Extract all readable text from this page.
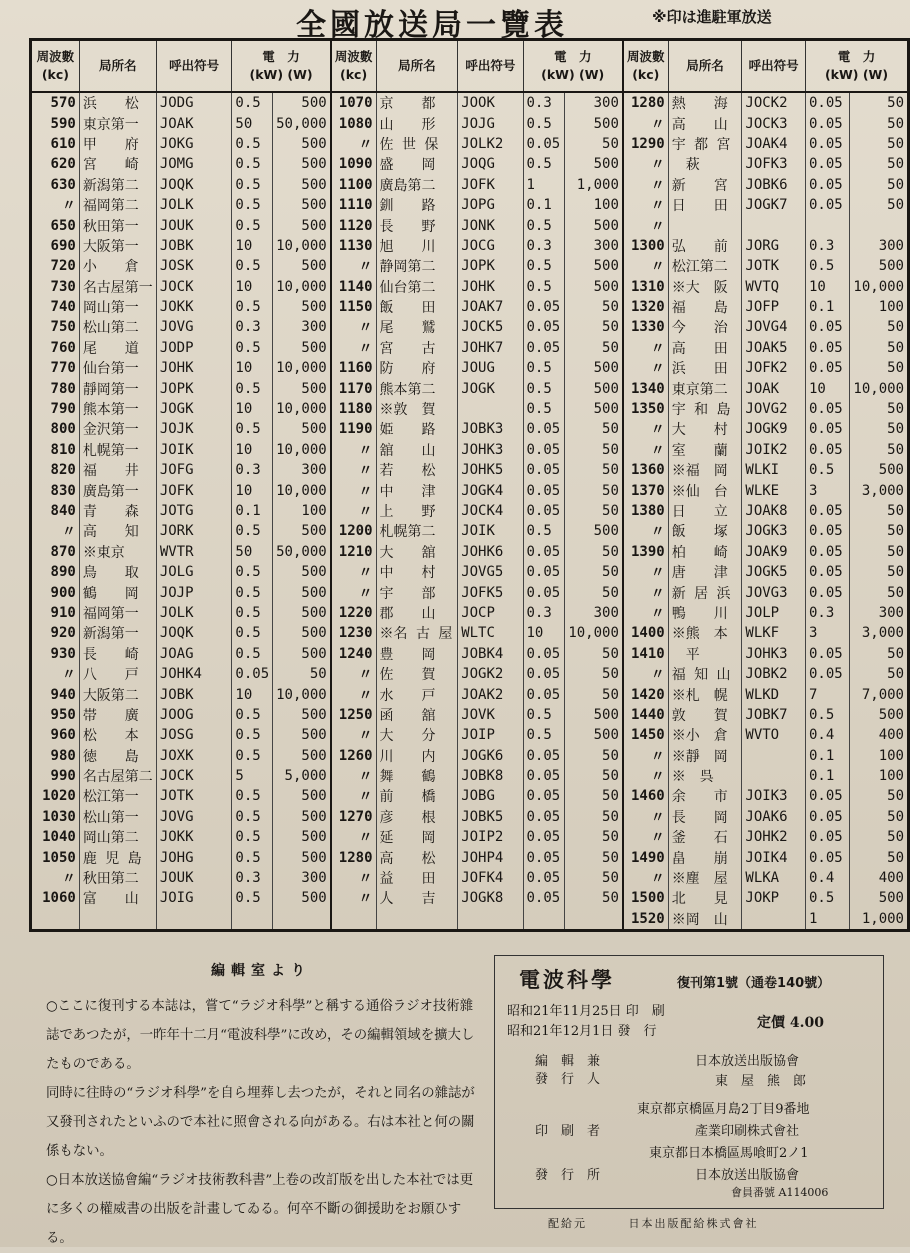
全國放送局一覽表	※印は進駐軍放送
周波數
(kc)	局所名	呼出符号	電　力
(kW) (W)		周波數
(kc)	局所名	呼出符号	電　力
(kW) (W)		周波數
(kc)	局所名	呼出符号	電　力
(kW) (W)	
570	浜　　松	JODG	0.5	500	1070	京　　都	JOOK	0.3	300	1280	熱　　海	JOCK2	0.05	50
590	東京第一	JOAK	50	50,000	1080	山　　形	JOJG	0.5	500	〃	高　　山	JOCK3	0.05	50
610	甲　　府	JOKG	0.5	500	〃	佐 世 保	JOLK2	0.05	50	1290	宇 都 宮	JOAK4	0.05	50
620	宮　　崎	JOMG	0.5	500	1090	盛　　岡	JOQG	0.5	500	〃	　萩	JOFK3	0.05	50
630	新潟第二	JOQK	0.5	500	1100	廣島第二	JOFK	1	1,000	〃	新　　宮	JOBK6	0.05	50
〃	福岡第二	JOLK	0.5	500	1110	釧　　路	JOPG	0.1	100	〃	日　　田	JOGK7	0.05	50
650	秋田第一	JOUK	0.5	500	1120	長　　野	JONK	0.5	500	〃	　			
690	大阪第一	JOBK	10	10,000	1130	旭　　川	JOCG	0.3	300	1300	弘　　前	JORG	0.3	300
720	小　　倉	JOSK	0.5	500	〃	静岡第二	JOPK	0.5	500	〃	松江第二	JOTK	0.5	500
730	名古屋第一	JOCK	10	10,000	1140	仙台第二	JOHK	0.5	500	1310	※大　阪	WVTQ	10	10,000
740	岡山第一	JOKK	0.5	500	1150	飯　　田	JOAK7	0.05	50	1320	福　　島	JOFP	0.1	100
750	松山第二	JOVG	0.3	300	〃	尾　　鷲	JOCK5	0.05	50	1330	今　　治	JOVG4	0.05	50
760	尾　　道	JODP	0.5	500	〃	宮　　古	JOHK7	0.05	50	〃	高　　田	JOAK5	0.05	50
770	仙台第一	JOHK	10	10,000	1160	防　　府	JOUG	0.5	500	〃	浜　　田	JOFK2	0.05	50
780	靜岡第一	JOPK	0.5	500	1170	熊本第二	JOGK	0.5	500	1340	東京第二	JOAK	10	10,000
790	熊本第一	JOGK	10	10,000	1180	※敦　賀		0.5	500	1350	宇 和 島	JOVG2	0.05	50
800	金沢第一	JOJK	0.5	500	1190	姫　　路	JOBK3	0.05	50	〃	大　　村	JOGK9	0.05	50
810	札幌第一	JOIK	10	10,000	〃	舘　　山	JOHK3	0.05	50	〃	室　　蘭	JOIK2	0.05	50
820	福　　井	JOFG	0.3	300	〃	若　　松	JOHK5	0.05	50	1360	※福　岡	WLKI	0.5	500
830	廣島第一	JOFK	10	10,000	〃	中　　津	JOGK4	0.05	50	1370	※仙　台	WLKE	3	3,000
840	青　　森	JOTG	0.1	100	〃	上　　野	JOCK4	0.05	50	1380	日　　立	JOAK8	0.05	50
〃	高　　知	JORK	0.5	500	1200	札幌第二	JOIK	0.5	500	〃	飯　　塚	JOGK3	0.05	50
870	※東京	WVTR	50	50,000	1210	大　　舘	JOHK6	0.05	50	1390	柏　　崎	JOAK9	0.05	50
890	鳥　　取	JOLG	0.5	500	〃	中　　村	JOVG5	0.05	50	〃	唐　　津	JOGK5	0.05	50
900	鶴　　岡	JOJP	0.5	500	〃	宇　　部	JOFK5	0.05	50	〃	新 居 浜	JOVG3	0.05	50
910	福岡第一	JOLK	0.5	500	1220	郡　　山	JOCP	0.3	300	〃	鴨　　川	JOLP	0.3	300
920	新潟第一	JOQK	0.5	500	1230	※名 古 屋	WLTC	10	10,000	1400	※熊　本	WLKF	3	3,000
930	長　　崎	JOAG	0.5	500	1240	豊　　岡	JOBK4	0.05	50	1410	　平	JOHK3	0.05	50
〃	八　　戸	JOHK4	0.05	50	〃	佐　　賀	JOGK2	0.05	50	〃	福 知 山	JOBK2	0.05	50
940	大阪第二	JOBK	10	10,000	〃	水　　戸	JOAK2	0.05	50	1420	※札　幌	WLKD	7	7,000
950	帯　　廣	JOOG	0.5	500	1250	函　　舘	JOVK	0.5	500	1440	敦　　賀	JOBK7	0.5	500
960	松　　本	JOSG	0.5	500	〃	大　　分	JOIP	0.5	500	1450	※小　倉	WVTO	0.4	400
980	徳　　島	JOXK	0.5	500	1260	川　　内	JOGK6	0.05	50	〃	※靜　岡		0.1	100
990	名古屋第二	JOCK	5	5,000	〃	舞　　鶴	JOBK8	0.05	50	〃	※　呉		0.1	100
1020	松江第一	JOTK	0.5	500	〃	前　　橋	JOBG	0.05	50	1460	余　　市	JOIK3	0.05	50
1030	松山第一	JOVG	0.5	500	1270	彦　　根	JOBK5	0.05	50	〃	長　　岡	JOAK6	0.05	50
1040	岡山第二	JOKK	0.5	500	〃	延　　岡	JOIP2	0.05	50	〃	釜　　石	JOHK2	0.05	50
1050	鹿 児 島	JOHG	0.5	500	1280	高　　松	JOHP4	0.05	50	1490	畠　　崩	JOIK4	0.05	50
〃	秋田第二	JOUK	0.3	300	〃	益　　田	JOFK4	0.05	50	〃	※塵　屋	WLKA	0.4	400
1060	富　　山	JOIG	0.5	500	〃	人　　吉	JOGK8	0.05	50	1500	北　　見	JOKP	0.5	500
										1520	※岡　山		1	1,000
編輯室より

○ここに復刊する本誌は，嘗て“ラジオ科學”と稱する通俗ラジオ技術雜誌であつたが，一昨年十二月“電波科學”に改め，その編輯領域を擴大したものである。

同時に往時の“ラジオ科學”を自ら埋葬し去つたが，それと同名の雜誌が又發刊されたといふので本社に照會される向がある。右は本社と何の關係もない。

○日本放送協會編“ラジオ技術教科書”上卷の改訂版を出した本社では更に多くの權威書の出版を計畫してゐる。何卒不斷の御援助をお願ひする。

電波科學	復刊第1號（通卷140號）
昭和21年11月25日 印　刷
昭和21年12月1日 發　行
定價 4.00
編　輯　兼
發　行　人
日本放送出版協會
東　屋　熊　郎
東京都京橋區月島2丁目9番地
印　刷　者	產業印刷株式會社
東京都日本橋區馬喰町2ノ1
發　行　所	日本放送出版協會
會員番號 A114006
配給元	日本出版配給株式會社
